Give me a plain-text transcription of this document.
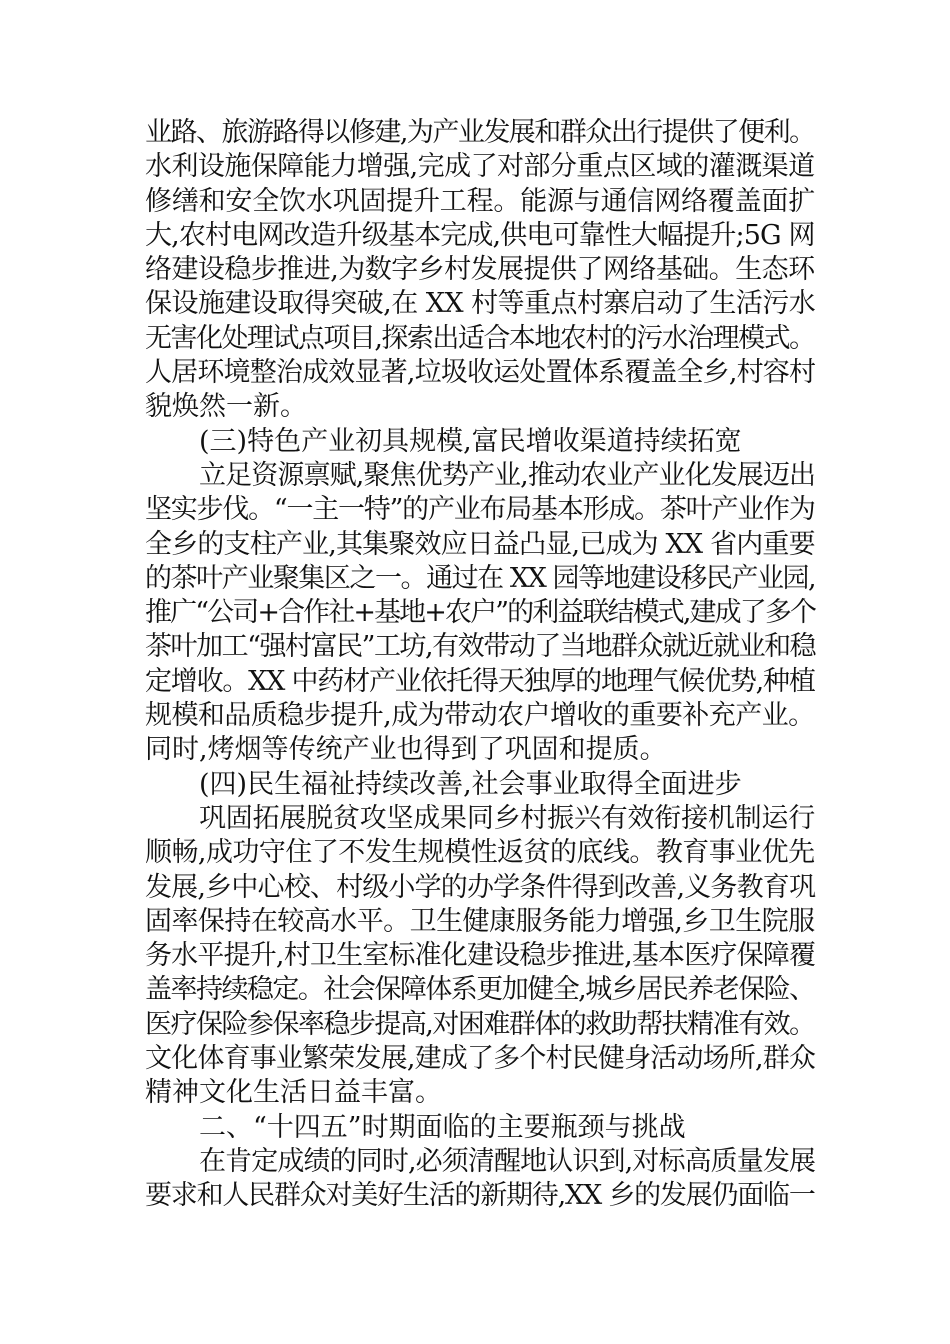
业路、旅游路得以修建,为产业发展和群众出行提供了便利。
水利设施保障能力增强,完成了对部分重点区域的灌溉渠道
修缮和安全饮水巩固提升工程。能源与通信网络覆盖面扩
大,农村电网改造升级基本完成,供电可靠性大幅提升;5G 网
络建设稳步推进,为数字乡村发展提供了网络基础。生态环
保设施建设取得突破,在 XX 村等重点村寨启动了生活污水
无害化处理试点项目,探索出适合本地农村的污水治理模式。
人居环境整治成效显著,垃圾收运处置体系覆盖全乡,村容村
貌焕然一新。
(三)特色产业初具规模,富民增收渠道持续拓宽
立足资源禀赋,聚焦优势产业,推动农业产业化发展迈出
坚实步伐。“一主一特”的产业布局基本形成。茶叶产业作为
全乡的支柱产业,其集聚效应日益凸显,已成为 XX 省内重要
的茶叶产业聚集区之一。通过在 XX 园等地建设移民产业园,
推广“公司+合作社+基地+农户”的利益联结模式,建成了多个
茶叶加工“强村富民”工坊,有效带动了当地群众就近就业和稳
定增收。XX 中药材产业依托得天独厚的地理气候优势,种植
规模和品质稳步提升,成为带动农户增收的重要补充产业。
同时,烤烟等传统产业也得到了巩固和提质。
(四)民生福祉持续改善,社会事业取得全面进步
巩固拓展脱贫攻坚成果同乡村振兴有效衔接机制运行
顺畅,成功守住了不发生规模性返贫的底线。教育事业优先
发展,乡中心校、村级小学的办学条件得到改善,义务教育巩
固率保持在较高水平。卫生健康服务能力增强,乡卫生院服
务水平提升,村卫生室标准化建设稳步推进,基本医疗保障覆
盖率持续稳定。社会保障体系更加健全,城乡居民养老保险、
医疗保险参保率稳步提高,对困难群体的救助帮扶精准有效。
文化体育事业繁荣发展,建成了多个村民健身活动场所,群众
精神文化生活日益丰富。
二、“十四五”时期面临的主要瓶颈与挑战
在肯定成绩的同时,必须清醒地认识到,对标高质量发展
要求和人民群众对美好生活的新期待,XX 乡的发展仍面临一
